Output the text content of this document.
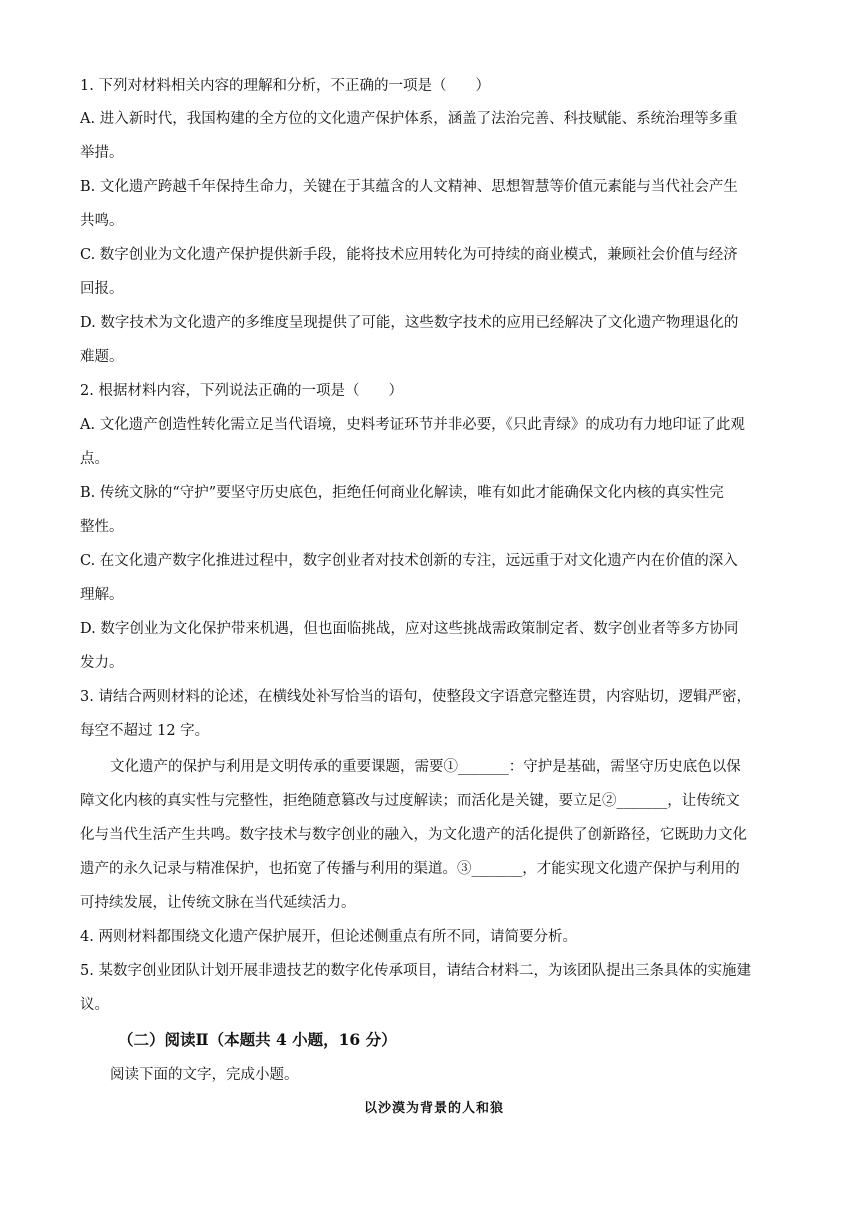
1. 下列对材料相关内容的理解和分析，不正确的一项是（　　）
A. 进入新时代，我国构建的全方位的文化遗产保护体系，涵盖了法治完善、科技赋能、系统治理等多重
举措。
B. 文化遗产跨越千年保持生命力，关键在于其蕴含的人文精神、思想智慧等价值元素能与当代社会产生
共鸣。
C. 数字创业为文化遗产保护提供新手段，能将技术应用转化为可持续的商业模式，兼顾社会价值与经济
回报。
D. 数字技术为文化遗产的多维度呈现提供了可能，这些数字技术的应用已经解决了文化遗产物理退化的
难题。
2. 根据材料内容，下列说法正确的一项是（　　）
A. 文化遗产创造性转化需立足当代语境，史料考证环节并非必要，《只此青绿》的成功有力地印证了此观
点。
B. 传统文脉的“守护”要坚守历史底色，拒绝任何商业化解读，唯有如此才能确保文化内核的真实性完
整性。
C. 在文化遗产数字化推进过程中，数字创业者对技术创新的专注，远远重于对文化遗产内在价值的深入
理解。
D. 数字创业为文化保护带来机遇，但也面临挑战，应对这些挑战需政策制定者、数字创业者等多方协同
发力。
3. 请结合两则材料的论述，在横线处补写恰当的语句，使整段文字语意完整连贯，内容贴切，逻辑严密，
每空不超过 12 字。
文化遗产的保护与利用是文明传承的重要课题，需要①_______：守护是基础，需坚守历史底色以保
障文化内核的真实性与完整性，拒绝随意篡改与过度解读；而活化是关键，要立足②_______，让传统文
化与当代生活产生共鸣。数字技术与数字创业的融入，为文化遗产的活化提供了创新路径，它既助力文化
遗产的永久记录与精准保护，也拓宽了传播与利用的渠道。③_______，才能实现文化遗产保护与利用的
可持续发展，让传统文脉在当代延续活力。
4. 两则材料都围绕文化遗产保护展开，但论述侧重点有所不同，请简要分析。
5. 某数字创业团队计划开展非遗技艺的数字化传承项目，请结合材料二，为该团队提出三条具体的实施建
议。
（二）阅读Ⅱ（本题共 4 小题，16 分）
阅读下面的文字，完成小题。
以沙漠为背景的人和狼
